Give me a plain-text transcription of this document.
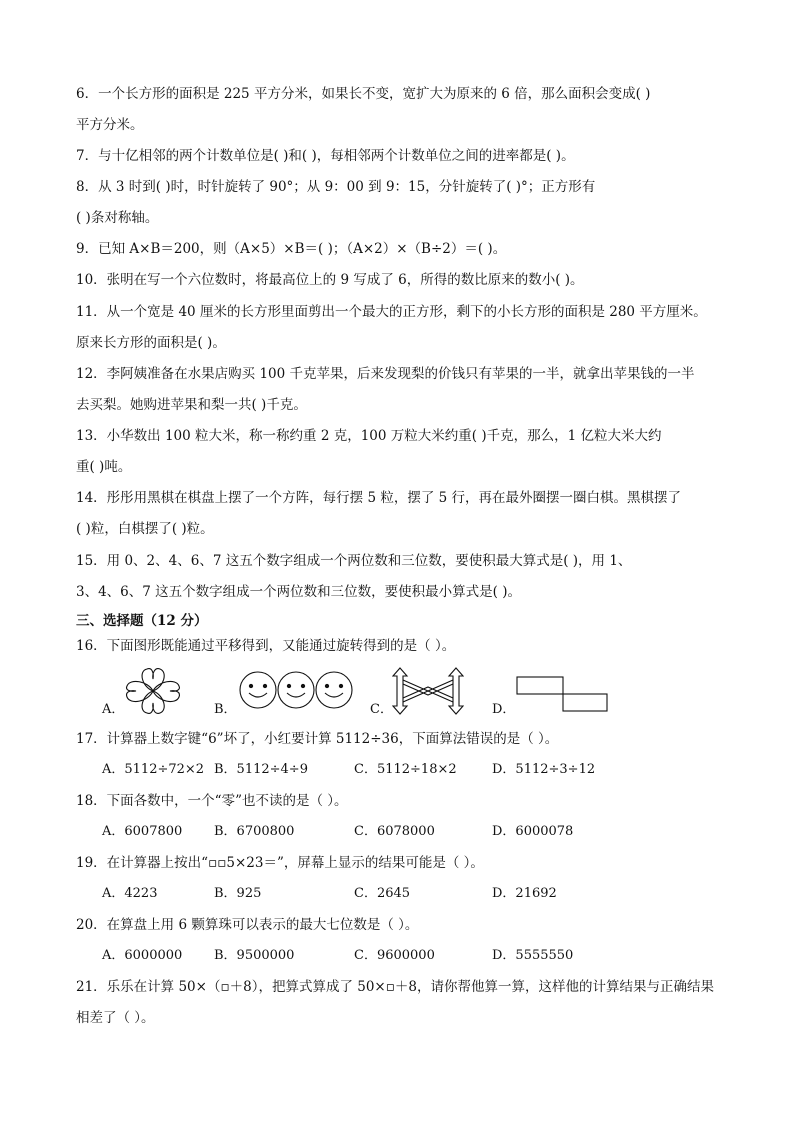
6．一个长方形的面积是 225 平方分米，如果长不变，宽扩大为原来的 6 倍，那么面积会变成( )
平方分米。
7．与十亿相邻的两个计数单位是( )和( )，每相邻两个计数单位之间的进率都是( )。
8．从 3 时到( )时，时针旋转了 90°；从 9：00 到 9：15，分针旋转了( )°；正方形有
( )条对称轴。
9．已知 A×B＝200，则（A×5）×B＝( )；（A×2）×（B÷2）＝( )。
10．张明在写一个六位数时，将最高位上的 9 写成了 6，所得的数比原来的数小( )。
11．从一个宽是 40 厘米的长方形里面剪出一个最大的正方形，剩下的小长方形的面积是 280 平方厘米。
原来长方形的面积是( )。
12．李阿姨准备在水果店购买 100 千克苹果，后来发现梨的价钱只有苹果的一半，就拿出苹果钱的一半
去买梨。她购进苹果和梨一共( )千克。
13．小华数出 100 粒大米，称一称约重 2 克，100 万粒大米约重( )千克，那么，1 亿粒大米大约
重( )吨。
14．彤彤用黑棋在棋盘上摆了一个方阵，每行摆 5 粒，摆了 5 行，再在最外圈摆一圈白棋。黑棋摆了
( )粒，白棋摆了( )粒。
15．用 0、2、4、6、7 这五个数字组成一个两位数和三位数，要使积最大算式是( )，用 1、
3、4、6、7 这五个数字组成一个两位数和三位数，要使积最小算式是( )。
三、选择题（12 分）
16．下面图形既能通过平移得到，又能通过旋转得到的是（ ）。
A．	B．	C．	D．
17．计算器上数字键“6”坏了，小红要计算 5112÷36，下面算法错误的是（ ）。
A．5112÷72×2 B．5112÷4÷9	C．5112÷18×2	D．5112÷3÷12
18．下面各数中，一个“零”也不读的是（ ）。
A．6007800 B．6700800	C．6078000	D．6000078
19．在计算器上按出“▫▫5×23＝”，屏幕上显示的结果可能是（ ）。
A．4223	B．925	C．2645	D．21692
20．在算盘上用 6 颗算珠可以表示的最大七位数是（ ）。
A．6000000 B．9500000	C．9600000	D．5555550
21．乐乐在计算 50×（▫＋8），把算式算成了 50×▫＋8，请你帮他算一算，这样他的计算结果与正确结果
相差了（ ）。
